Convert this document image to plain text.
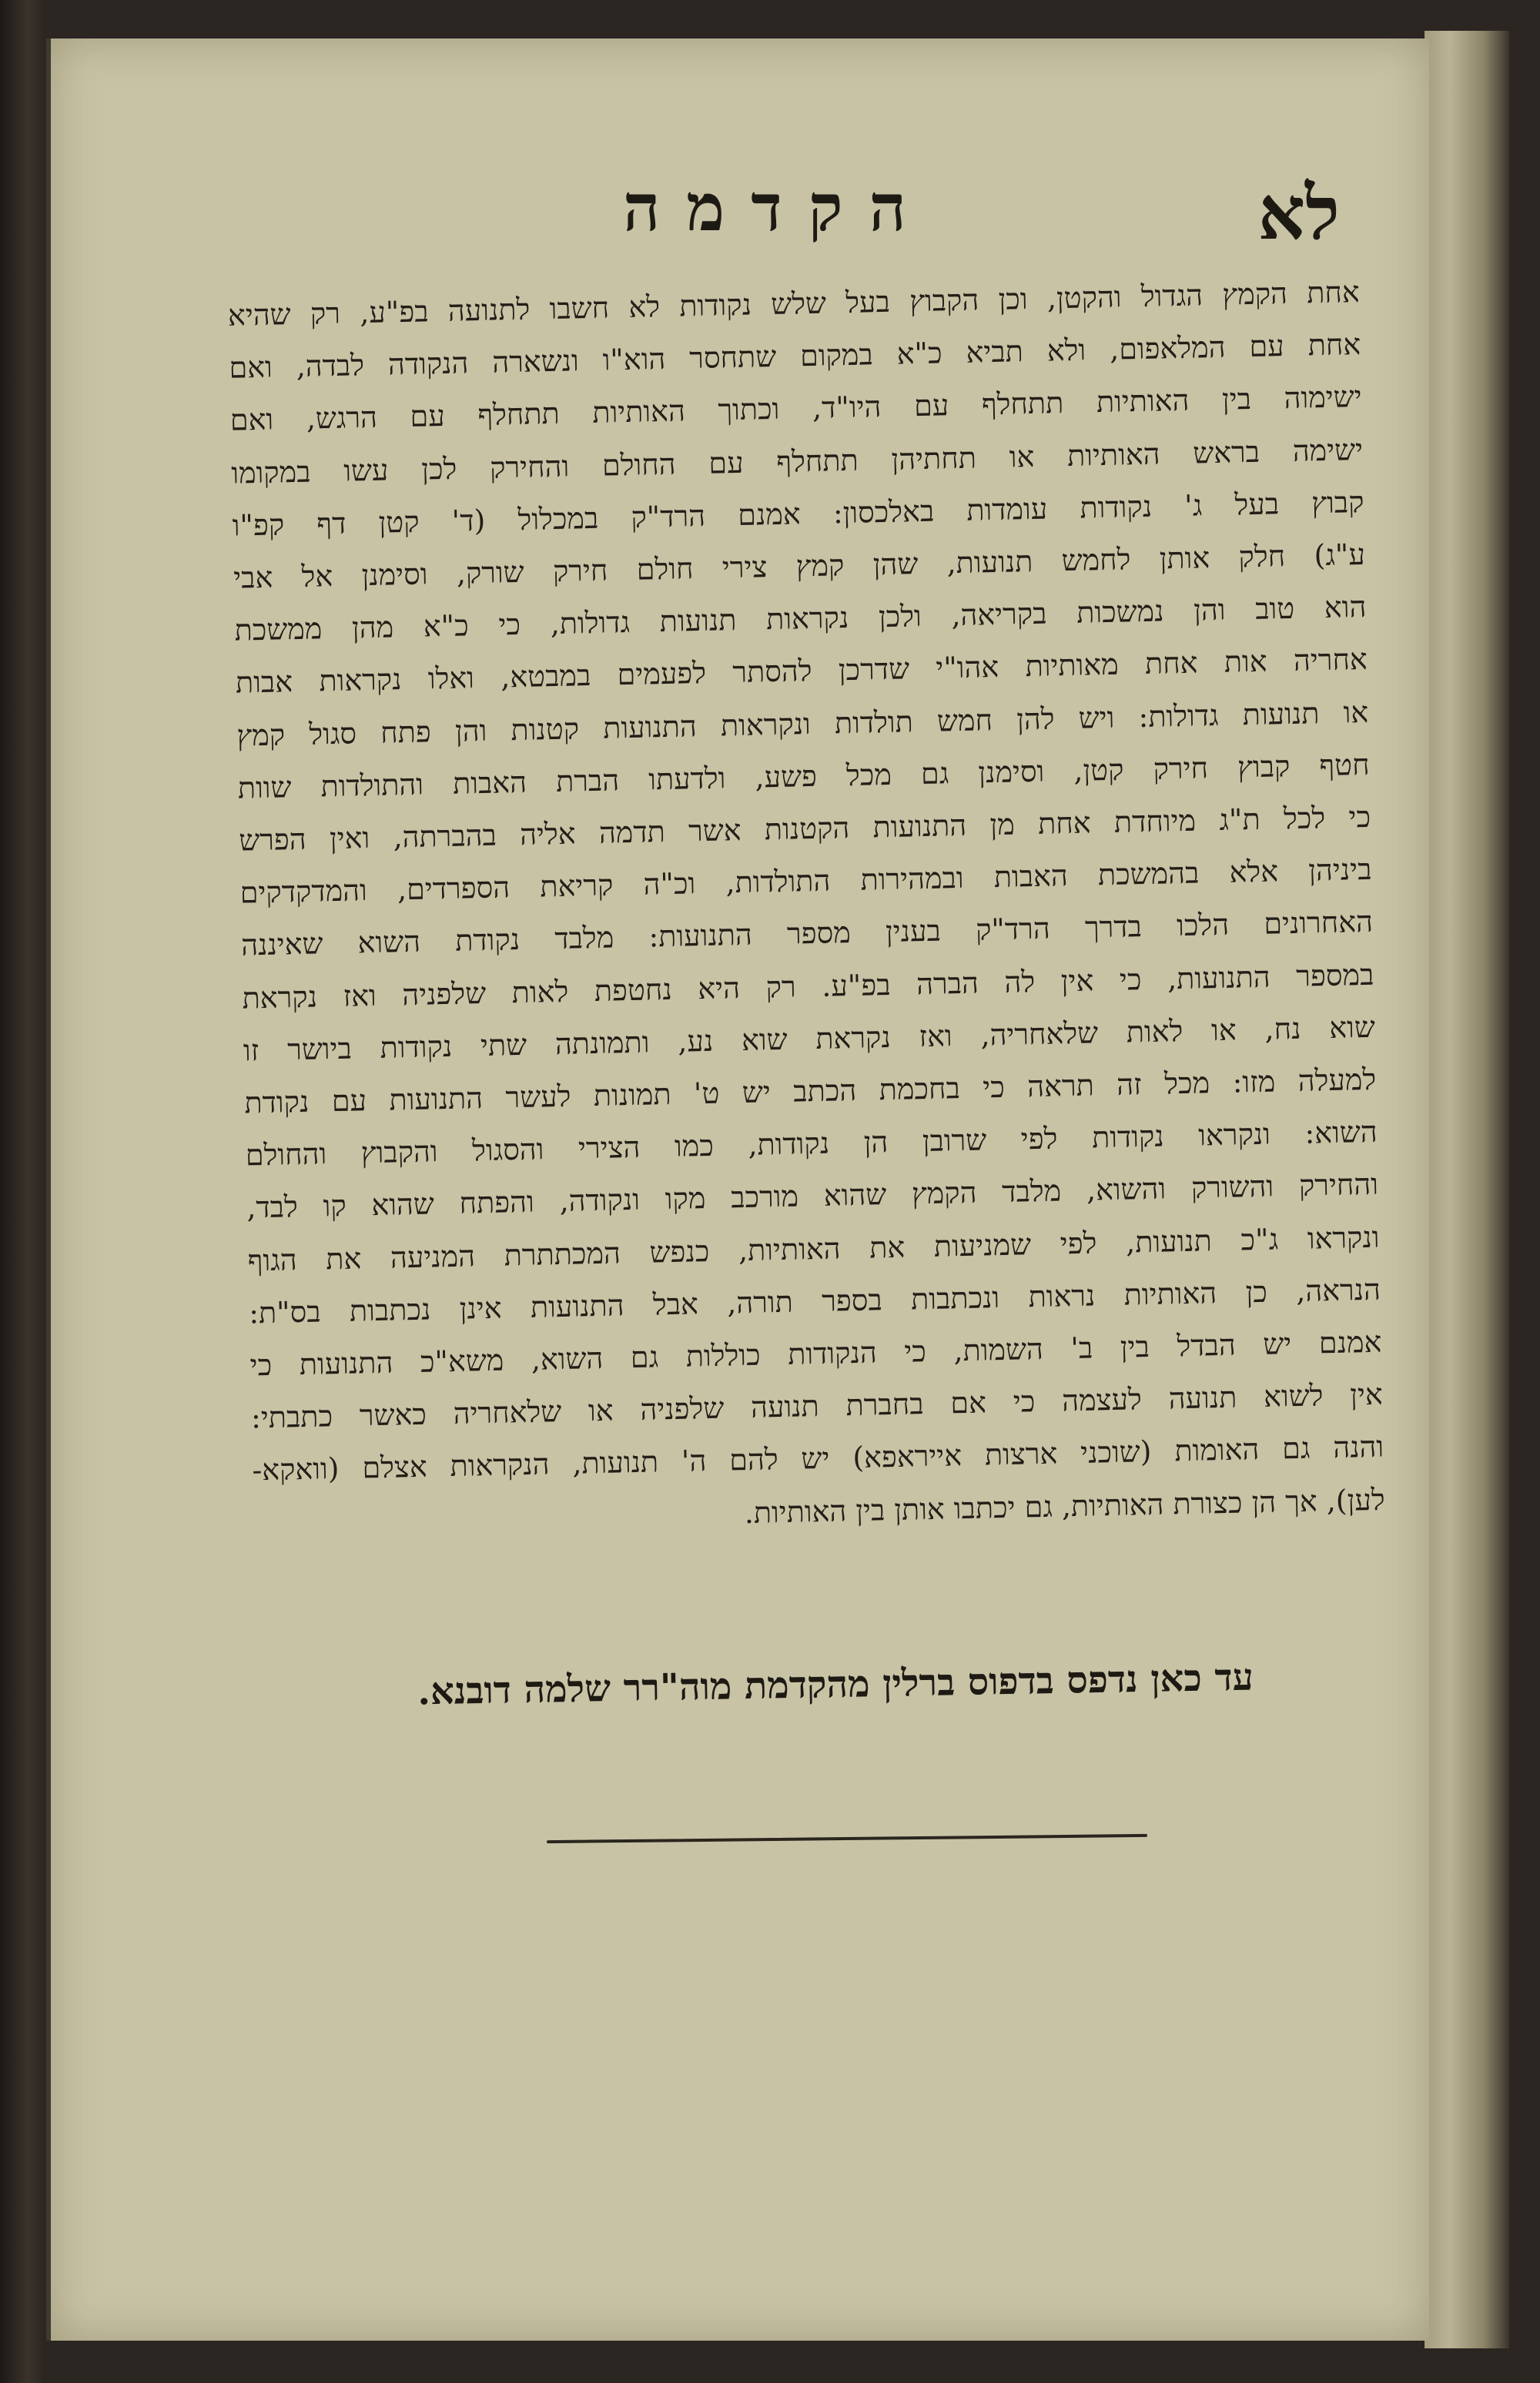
הקדמה	לא
אחת הקמץ הגדול והקטן, וכן הקבוץ בעל שלש נקודות לא חשבו לתנועה בפ"ע, רק שהיא
אחת עם המלאפום, ולא תביא כ"א במקום שתחסר הוא"ו ונשארה הנקודה לבדה, ואם
ישימוה בין האותיות תתחלף עם היו"ד, וכתוך האותיות תתחלף עם הרגש, ואם
ישימה בראש האותיות או תחתיהן תתחלף עם החולם והחירק לכן עשו במקומו
קבוץ בעל ג' נקודות עומדות באלכסון: אמנם הרד"ק במכלול (ד' קטן דף קפ"ו
ע"ג) חלק אותן לחמש תנועות, שהן קמץ צירי חולם חירק שורק, וסימנן אל אבי
הוא טוב והן נמשכות בקריאה, ולכן נקראות תנועות גדולות, כי כ"א מהן ממשכת
אחריה אות אחת מאותיות אהו"י שדרכן להסתר לפעמים במבטא, ואלו נקראות אבות
או תנועות גדולות: ויש להן חמש תולדות ונקראות התנועות קטנות והן פתח סגול קמץ
חטף קבוץ חירק קטן, וסימנן גם מכל פשע, ולדעתו הברת האבות והתולדות שוות
כי לכל ת"ג מיוחדת אחת מן התנועות הקטנות אשר תדמה אליה בהברתה, ואין הפרש
ביניהן אלא בהמשכת האבות ובמהירות התולדות, וכ"ה קריאת הספרדים, והמדקדקים
האחרונים הלכו בדרך הרד"ק בענין מספר התנועות: מלבד נקודת השוא שאיננה
במספר התנועות, כי אין לה הברה בפ"ע. רק היא נחטפת לאות שלפניה ואז נקראת
שוא נח, או לאות שלאחריה, ואז נקראת שוא נע, ותמונתה שתי נקודות ביושר זו
למעלה מזו: מכל זה תראה כי בחכמת הכתב יש ט' תמונות לעשר התנועות עם נקודת
השוא: ונקראו נקודות לפי שרובן הן נקודות, כמו הצירי והסגול והקבוץ והחולם
והחירק והשורק והשוא, מלבד הקמץ שהוא מורכב מקו ונקודה, והפתח שהוא קו לבד,
ונקראו ג"כ תנועות, לפי שמניעות את האותיות, כנפש המכתתרת המניעה את הגוף
הנראה, כן האותיות נראות ונכתבות בספר תורה, אבל התנועות אינן נכתבות בס"ת:
אמנם יש הבדל בין ב' השמות, כי הנקודות כוללות גם השוא, משא"כ התנועות כי
אין לשוא תנועה לעצמה כי אם בחברת תנועה שלפניה או שלאחריה כאשר כתבתי:
והנה גם האומות (שוכני ארצות אייראפא) יש להם ה' תנועות, הנקראות אצלם (וואקא-
לען), אך הן כצורת האותיות, גם יכתבו אותן בין האותיות.
עד כאן נדפס בדפוס ברלין מהקדמת מוה"רר שלמה דובנא.
